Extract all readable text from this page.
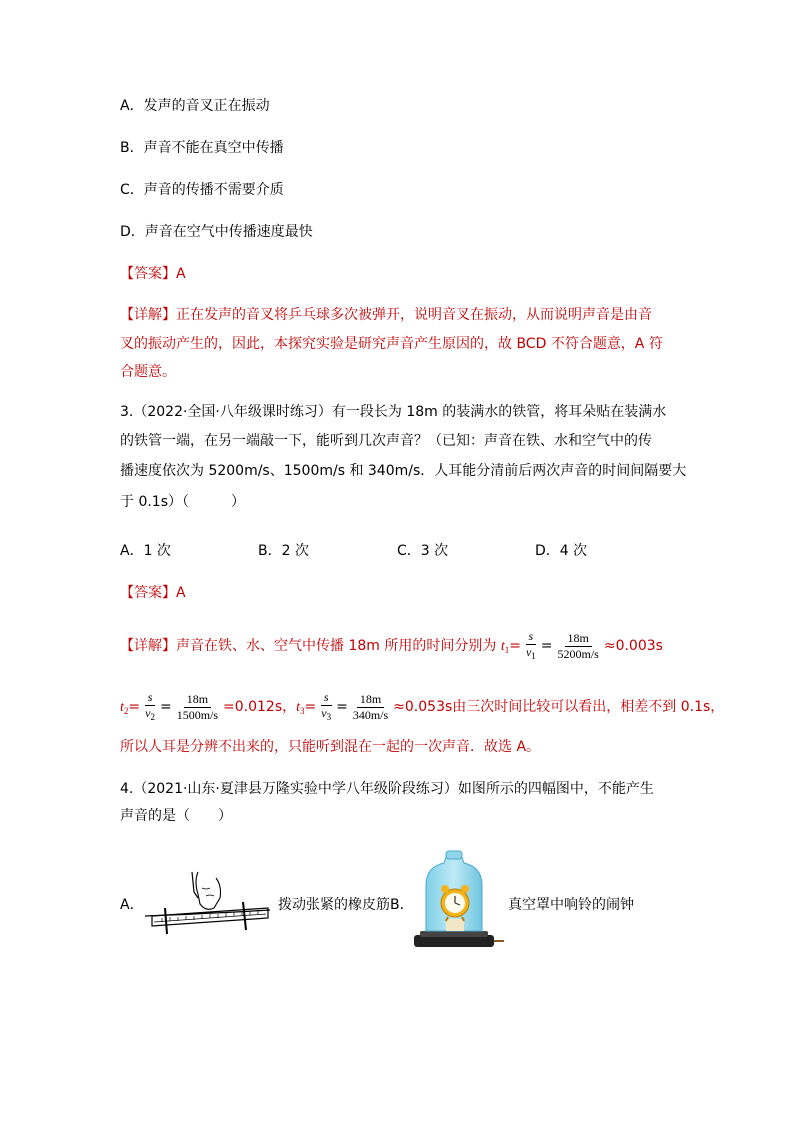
A．发声的音叉正在振动
B．声音不能在真空中传播
C．声音的传播不需要介质
D．声音在空气中传播速度最快
【答案】A
【详解】正在发声的音叉将乒乓球多次被弹开，说明音叉在振动，从而说明声音是由音
叉的振动产生的，因此，本探究实验是研究声音产生原因的，故 BCD 不符合题意，A 符
合题意。
3.（2022·全国·八年级课时练习）有一段长为 18m 的装满水的铁管，将耳朵贴在装满水
的铁管一端，在另一端敲一下，能听到几次声音？（已知：声音在铁、水和空气中的传
播速度依次为 5200m/s、1500m/s 和 340m/s．人耳能分清前后两次声音的时间间隔要大
于 0.1s）（　　　）
A．1 次	B．2 次	C．3 次	D．4 次
【答案】A
【详解】声音在铁、水、空气中传播 18m 所用的时间分别为 $t_1= \frac{s}{v_1} = \frac{18m}{5200m/s} \approx 0.003s$
$t_2= \frac{s}{v_2} = \frac{18m}{1500m/s} =0.012s$，$t_3= \frac{s}{v_3} = \frac{18m}{340m/s} \approx 0.053s$由三次时间比较可以看出，相差不到 0.1s，
所以人耳是分辨不出来的，只能听到混在一起的一次声音．故选 A。
4.（2021·山东·夏津县万隆实验中学八年级阶段练习）如图所示的四幅图中，不能产生
声音的是（　　）
A．	拨动张紧的橡皮筋B．	真空罩中响铃的闹钟
